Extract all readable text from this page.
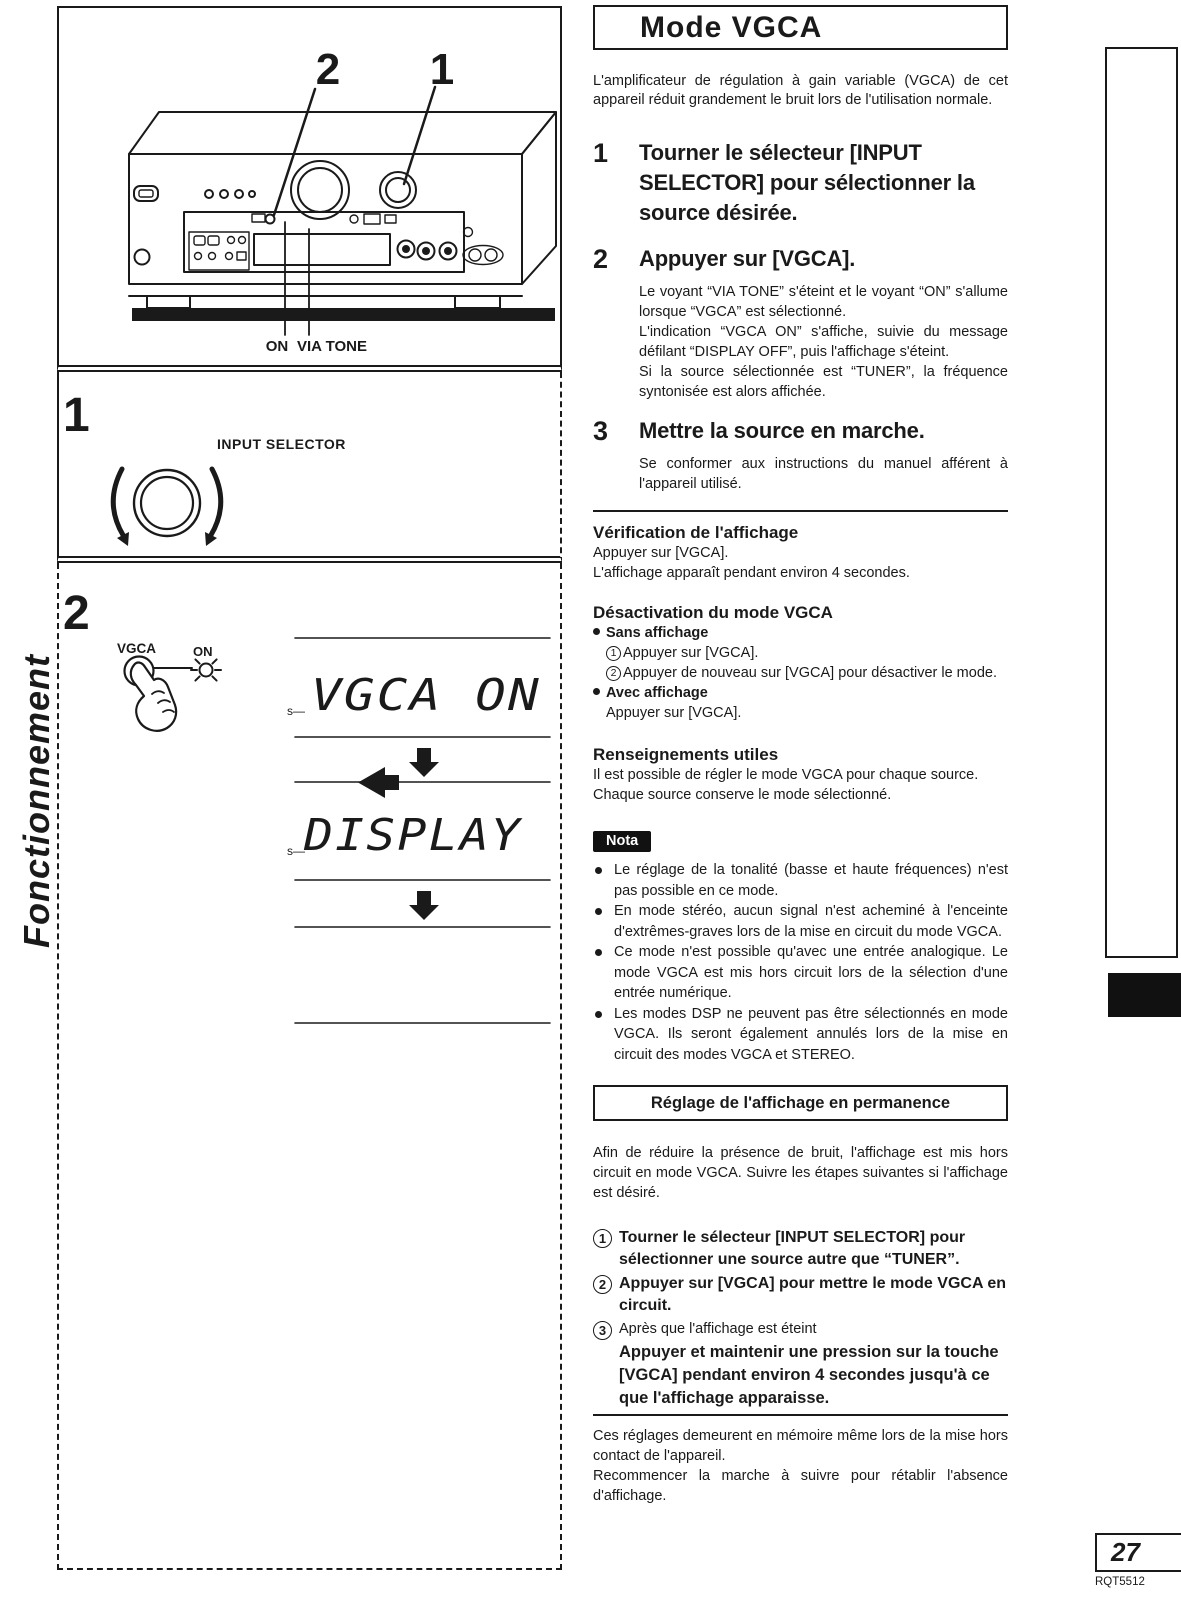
2 1
ON VIA TONE
1
INPUT SELECTOR
2
VGCA	ON
VGCA ON
s—
DISPLAY
s—
Mode VGCA

L'amplificateur de régulation à gain variable (VGCA) de cet appareil réduit grandement le bruit lors de l'utilisation normale.

1	Tourner le sélecteur [INPUT SELECTOR] pour sélectionner la source désirée.
2	Appuyer sur [VGCA].

Le voyant “VIA TONE” s'éteint et le voyant “ON” s'allume lorsque “VGCA” est sélectionné.

L'indication “VGCA ON” s'affiche, suivie du message défilant “DISPLAY OFF”, puis l'affichage s'éteint.

Si la source sélectionnée est “TUNER”, la fréquence syntonisée est alors affichée.

3	Mettre la source en marche.

Se conformer aux instructions du manuel afférent à l'appareil utilisé.

Vérification de l'affichage

Appuyer sur [VGCA].

L'affichage apparaît pendant environ 4 secondes.

Désactivation du mode VGCA
Sans affichage
1 Appuyer sur [VGCA].
2 Appuyer de nouveau sur [VGCA] pour désactiver le mode.
Avec affichage
Appuyer sur [VGCA].
Renseignements utiles

Il est possible de régler le mode VGCA pour chaque source.

Chaque source conserve le mode sélectionné.

Nota
Le réglage de la tonalité (basse et haute fréquences) n'est pas possible en ce mode.
En mode stéréo, aucun signal n'est acheminé à l'enceinte d'extrêmes-graves lors de la mise en circuit du mode VGCA.
Ce mode n'est possible qu'avec une entrée analogique. Le mode VGCA est mis hors circuit lors de la sélection d'une entrée numérique.
Les modes DSP ne peuvent pas être sélectionnés en mode VGCA. Ils seront également annulés lors de la mise en circuit des modes VGCA et STEREO.
Réglage de l'affichage en permanence

Afin de réduire la présence de bruit, l'affichage est mis hors circuit en mode VGCA. Suivre les étapes suivantes si l'affichage est désiré.

1 Tourner le sélecteur [INPUT SELECTOR] pour sélectionner une source autre que “TUNER”.
2 Appuyer sur [VGCA] pour mettre le mode VGCA en circuit.
3 Après que l'affichage est éteint
Appuyer et maintenir une pression sur la touche [VGCA] pendant environ 4 secondes jusqu'à ce que l'affichage apparaisse.

Ces réglages demeurent en mémoire même lors de la mise hors contact de l'appareil.

Recommencer la marche à suivre pour rétablir l'absence d'affichage.

Fonctionnement
27
RQT5512
